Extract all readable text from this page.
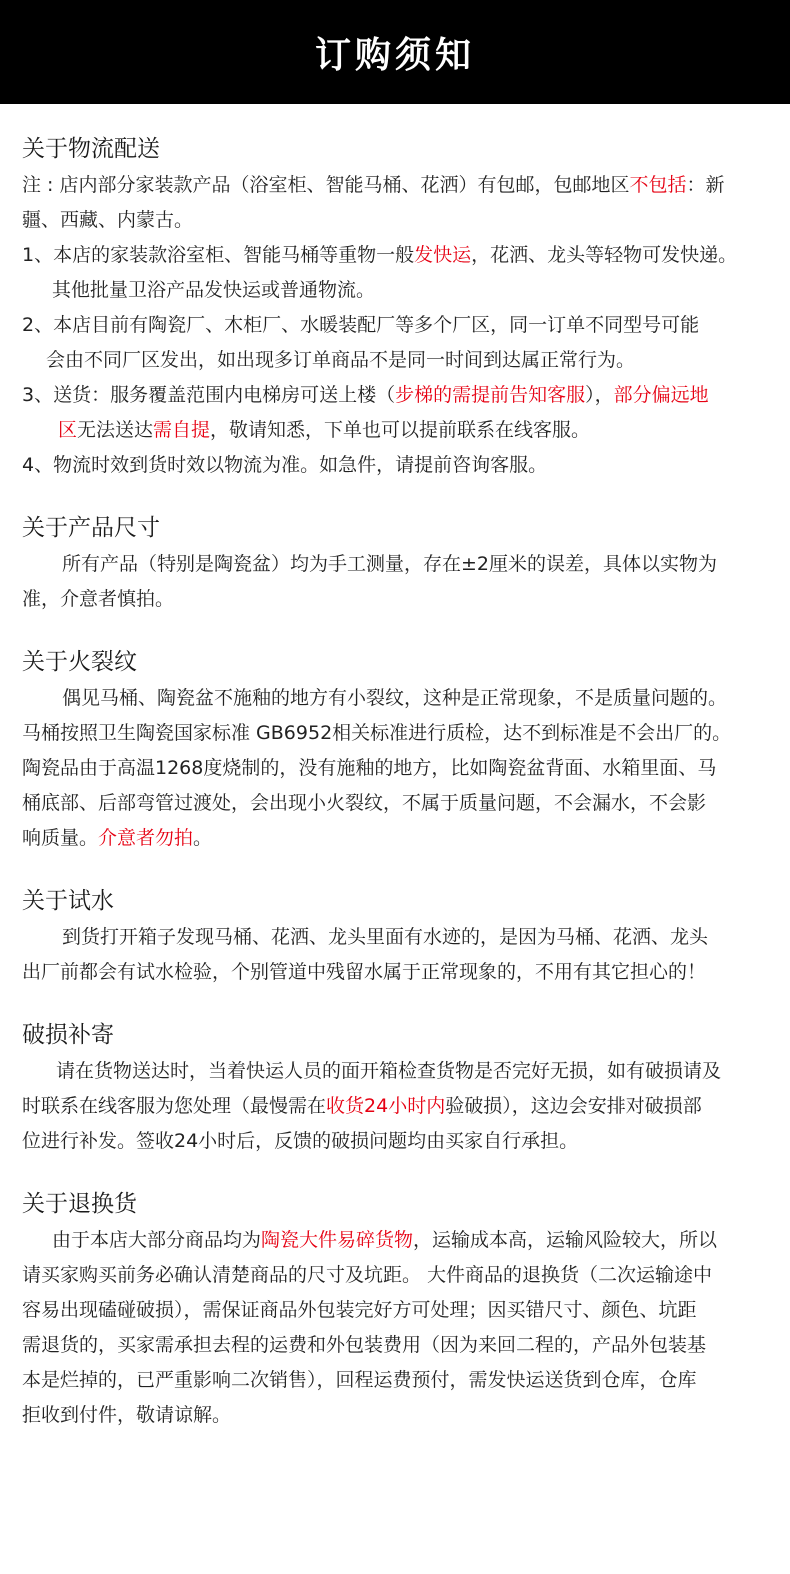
订购须知
关于物流配送

注 : 店内部分家装款产品（浴室柜、智能马桶、花洒）有包邮，包邮地区不包括：新

疆、西藏、内蒙古。

1、本店的家装款浴室柜、智能马桶等重物一般发快运，花洒、龙头等轻物可发快递。

其他批量卫浴产品发快运或普通物流。

2、本店目前有陶瓷厂、木柜厂、水暖装配厂等多个厂区，同一订单不同型号可能

会由不同厂区发出，如出现多订单商品不是同一时间到达属正常行为。

3、送货：服务覆盖范围内电梯房可送上楼（步梯的需提前告知客服），部分偏远地

区无法送达需自提，敬请知悉，下单也可以提前联系在线客服。

4、物流时效到货时效以物流为准。如急件，请提前咨询客服。

关于产品尺寸

所有产品（特别是陶瓷盆）均为手工测量，存在±2厘米的误差，具体以实物为

准，介意者慎拍。

关于火裂纹

偶见马桶、陶瓷盆不施釉的地方有小裂纹，这种是正常现象，不是质量问题的。

马桶按照卫生陶瓷国家标准 GB6952相关标准进行质检，达不到标准是不会出厂的。

陶瓷品由于高温1268度烧制的，没有施釉的地方，比如陶瓷盆背面、水箱里面、马

桶底部、后部弯管过渡处，会出现小火裂纹，不属于质量问题，不会漏水，不会影

响质量。介意者勿拍。

关于试水

到货打开箱子发现马桶、花洒、龙头里面有水迹的，是因为马桶、花洒、龙头

出厂前都会有试水检验，个别管道中残留水属于正常现象的，不用有其它担心的！

破损补寄

请在货物送达时，当着快运人员的面开箱检查货物是否完好无损，如有破损请及

时联系在线客服为您处理（最慢需在收货24小时内验破损），这边会安排对破损部

位进行补发。签收24小时后，反馈的破损问题均由买家自行承担。

关于退换货

由于本店大部分商品均为陶瓷大件易碎货物，运输成本高，运输风险较大，所以

请买家购买前务必确认清楚商品的尺寸及坑距。 大件商品的退换货（二次运输途中

容易出现磕碰破损），需保证商品外包装完好方可处理；因买错尺寸、颜色、坑距

需退货的，买家需承担去程的运费和外包装费用（因为来回二程的，产品外包装基

本是烂掉的，已严重影响二次销售），回程运费预付，需发快运送货到仓库，仓库

拒收到付件，敬请谅解。
